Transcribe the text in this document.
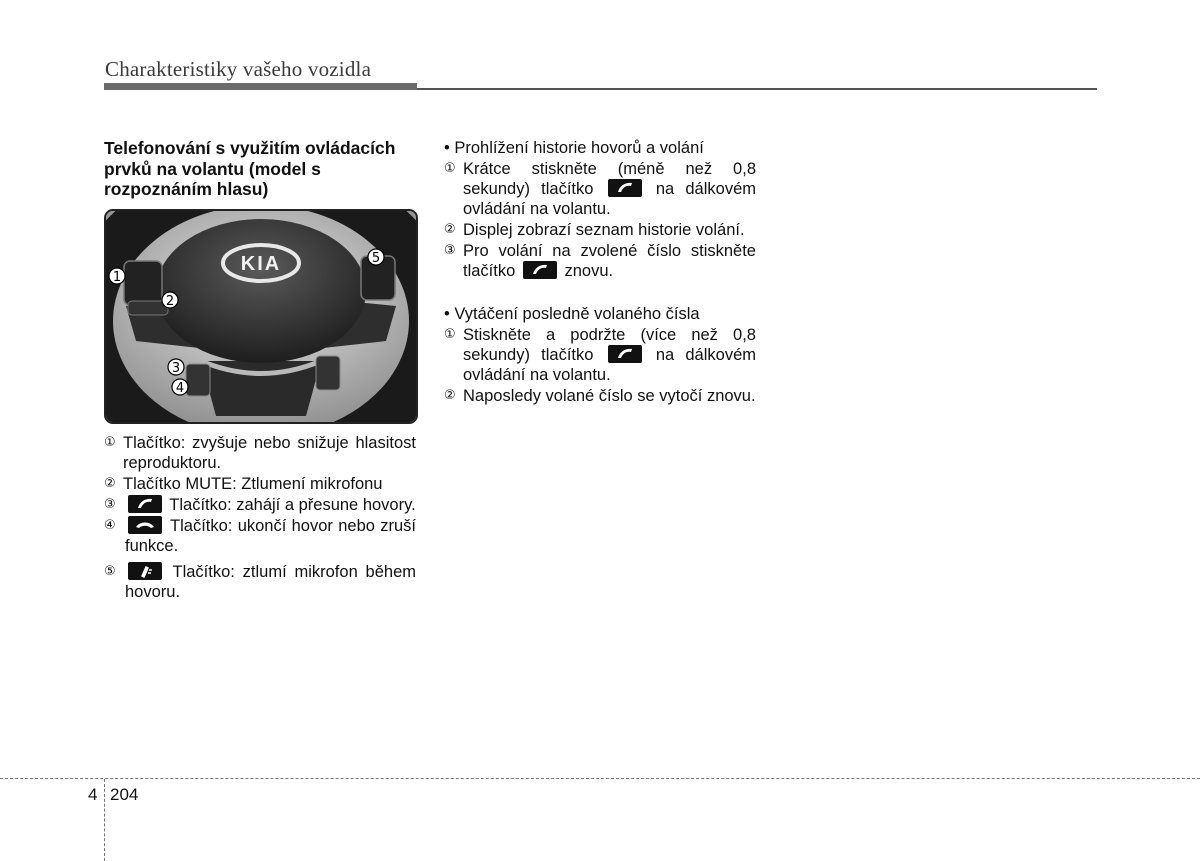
Charakteristiky vašeho vozidla
Telefonování s využitím ovládacích prvků na volantu (model s rozpoznáním hlasu)
KIA
1
2
3
4
5
① Tlačítko: zvyšuje nebo snižuje hlasitost reproduktoru.
② Tlačítko MUTE: Ztlumení mikrofonu
③	Tlačítko: zahájí a přesune hovory.
④	Tlačítko: ukončí hovor nebo zruší funkce.
⑤	Tlačítko: ztlumí mikrofon během hovoru.
• Prohlížení historie hovorů a volání
① Krátce stiskněte (méně než 0,8 sekundy) tlačítko	na dálkovém ovládání na volantu.
② Displej zobrazí seznam historie volání.
③ Pro volání na zvolené číslo stiskněte tlačítko	znovu.
• Vytáčení posledně volaného čísla
① Stiskněte a podržte (více než 0,8 sekundy) tlačítko	na dálkovém ovládání na volantu.
② Naposledy volané číslo se vytočí znovu.
4 204
